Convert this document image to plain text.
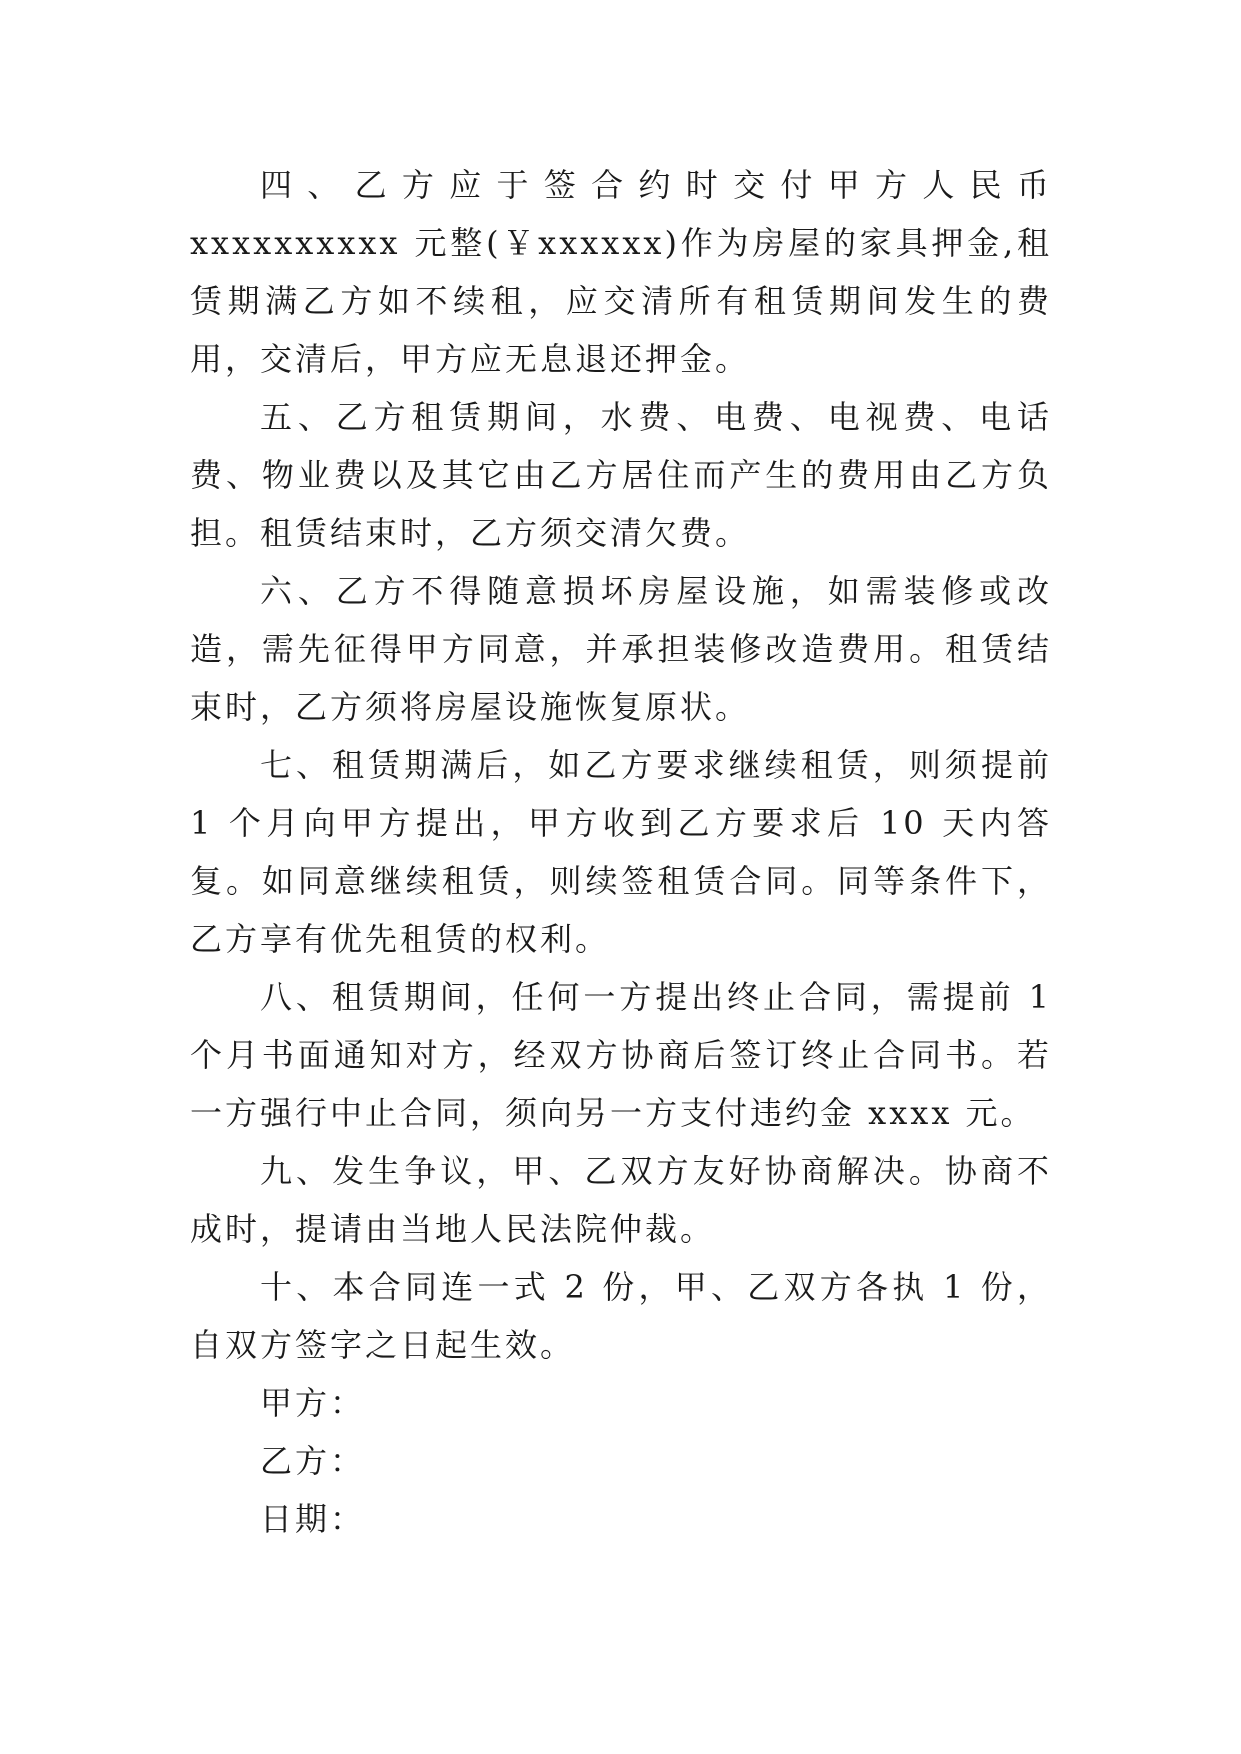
四、乙方应于签合约时交付甲方人民币 xxxxxxxxxx 元整(￥xxxxxx)作为房屋的家具押金,租赁期满乙方如不续租，应交清所有租赁期间发生的费用，交清后，甲方应无息退还押金。

五、乙方租赁期间，水费、电费、电视费、电话费、物业费以及其它由乙方居住而产生的费用由乙方负担。租赁结束时，乙方须交清欠费。

六、乙方不得随意损坏房屋设施，如需装修或改造，需先征得甲方同意，并承担装修改造费用。租赁结束时，乙方须将房屋设施恢复原状。

七、租赁期满后，如乙方要求继续租赁，则须提前 1 个月向甲方提出，甲方收到乙方要求后 10 天内答复。如同意继续租赁，则续签租赁合同。同等条件下，乙方享有优先租赁的权利。

八、租赁期间，任何一方提出终止合同，需提前 1 个月书面通知对方，经双方协商后签订终止合同书。若一方强行中止合同，须向另一方支付违约金 xxxx 元。

九、发生争议，甲、乙双方友好协商解决。协商不成时，提请由当地人民法院仲裁。

十、本合同连一式 2 份，甲、乙双方各执 1 份，自双方签字之日起生效。

甲方：

乙方：

日期：
